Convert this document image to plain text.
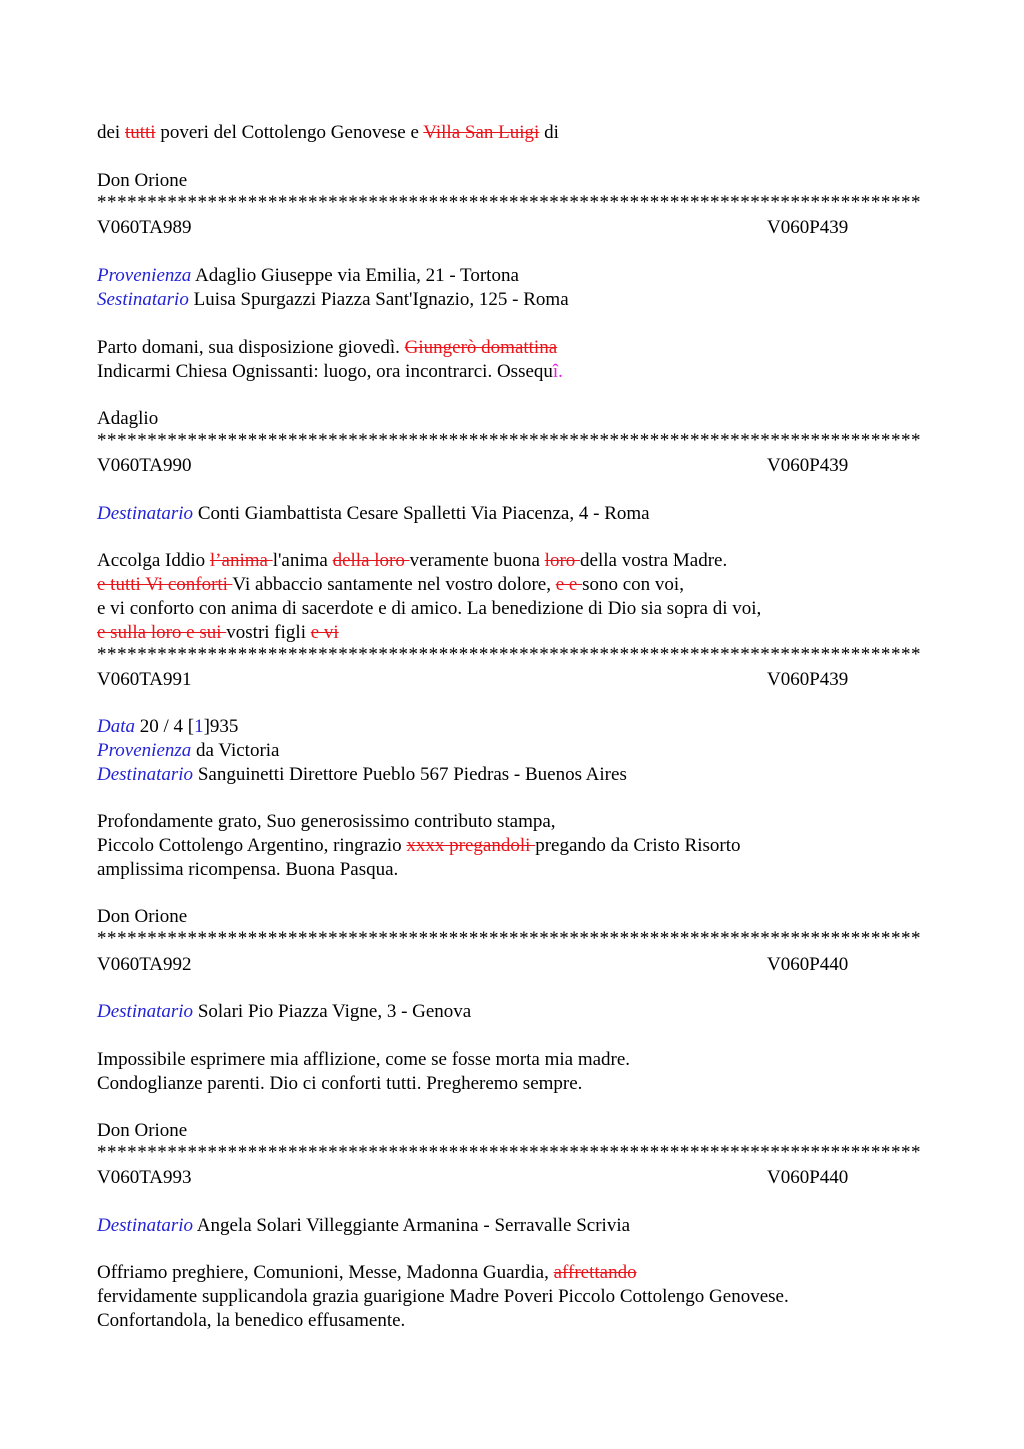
dei tutti poveri del Cottolengo Genovese e Villa San Luigi di
Don Orione
**********************************************************************************
V060TA989	V060P439
Provenienza Adaglio Giuseppe via Emilia, 21 - Tortona
Sestinatario Luisa Spurgazzi Piazza Sant'Ignazio, 125 - Roma
Parto domani, sua disposizione giovedì. Giungerò domattina
Indicarmi Chiesa Ognissanti: luogo, ora incontrarci. Ossequî.
Adaglio
**********************************************************************************
V060TA990	V060P439
Destinatario Conti Giambattista Cesare Spalletti Via Piacenza, 4 - Roma
Accolga Iddio l’anima l'anima della loro veramente buona loro della vostra Madre.
e tutti Vi conforti Vi abbaccio santamente nel vostro dolore, e e sono con voi,
e vi conforto con anima di sacerdote e di amico. La benedizione di Dio sia sopra di voi,
e sulla loro e sui vostri figli e vi
**********************************************************************************
V060TA991	V060P439
Data 20 / 4 [1]935
Provenienza da Victoria
Destinatario Sanguinetti Direttore Pueblo 567 Piedras - Buenos Aires
Profondamente grato, Suo generosissimo contributo stampa,
Piccolo Cottolengo Argentino, ringrazio xxxx pregandoli pregando da Cristo Risorto
amplissima ricompensa. Buona Pasqua.
Don Orione
**********************************************************************************
V060TA992	V060P440
Destinatario Solari Pio Piazza Vigne, 3 - Genova
Impossibile esprimere mia afflizione, come se fosse morta mia madre.
Condoglianze parenti. Dio ci conforti tutti. Pregheremo sempre.
Don Orione
**********************************************************************************
V060TA993	V060P440
Destinatario Angela Solari Villeggiante Armanina - Serravalle Scrivia
Offriamo preghiere, Comunioni, Messe, Madonna Guardia, affrettando
fervidamente supplicandola grazia guarigione Madre Poveri Piccolo Cottolengo Genovese.
Confortandola, la benedico effusamente.
